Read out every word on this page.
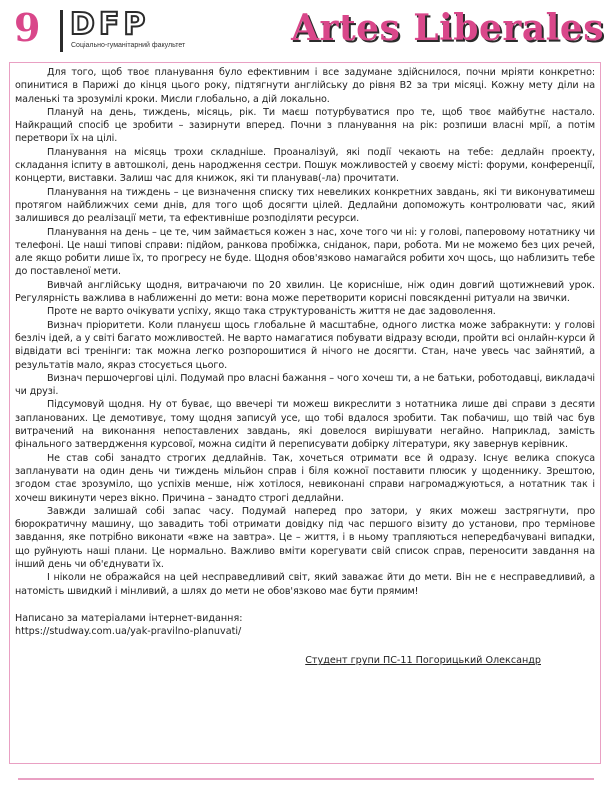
9 DFP
Соціально-гуманітарний факультет	Artes Liberales

Для того, щоб твоє планування було ефективним і все задумане здійснилося, почни мріяти конкретно: опинитися в Парижі до кінця цього року, підтягнути англійську до рівня В2 за три місяці. Кожну мету діли на маленькі та зрозумілі кроки. Мисли глобально, а дій локально.

Плануй на день, тиждень, місяць, рік. Ти маєш потурбуватися про те, щоб твоє майбутнє настало. Найкращий спосіб це зробити – зазирнути вперед. Почни з планування на рік: розпиши власні мрії, а потім перетвори їх на цілі.

Планування на місяць трохи складніше. Проаналізуй, які події чекають на тебе: дедлайн проекту, складання іспиту в автошколі, день народження сестри. Пошук можливостей у своєму місті: форуми, конференції, концерти, виставки. Залиш час для книжок, які ти планував(-ла) прочитати.

Планування на тиждень – це визначення списку тих невеликих конкретних завдань, які ти виконуватимеш протягом найближчих семи днів, для того щоб досягти цілей. Дедлайни допоможуть контролювати час, який залишився до реалізації мети, та ефективніше розподіляти ресурси.

Планування на день – це те, чим займається кожен з нас, хоче того чи ні: у голові, паперовому нотатнику чи телефоні. Це наші типові справи: підйом, ранкова пробіжка, сніданок, пари, робота. Ми не можемо без цих речей, але якщо робити лише їх, то прогресу не буде. Щодня обов'язково намагайся робити хоч щось, що наблизить тебе до поставленої мети.

Вивчай англійську щодня, витрачаючи по 20 хвилин. Це корисніше, ніж один довгий щотижневий урок. Регулярність важлива в наближенні до мети: вона може перетворити корисні повсякденні ритуали на звички.

Проте не варто очікувати успіху, якщо така структурованість життя не дає задоволення.

Визнач пріоритети. Коли плануєш щось глобальне й масштабне, одного листка може забракнути: у голові безліч ідей, а у світі багато можливостей. Не варто намагатися побувати відразу всюди, пройти всі онлайн-курси й відвідати всі тренінги: так можна легко розпорошитися й нічого не досягти. Стан, наче увесь час зайнятий, а результатів мало, якраз стосується цього.

Визнач першочергові цілі. Подумай про власні бажання – чого хочеш ти, а не батьки, роботодавці, викладачі чи друзі.

Підсумовуй щодня. Ну от буває, що ввечері ти можеш викреслити з нотатника лише дві справи з десяти запланованих. Це демотивує, тому щодня записуй усе, що тобі вдалося зробити. Так побачиш, що твій час був витрачений на виконання непоставлених завдань, які довелося вирішувати негайно. Наприклад, замість фінального затвердження курсової, можна сидіти й переписувати добірку літератури, яку завернув керівник.

Не став собі занадто строгих дедлайнів. Так, хочеться отримати все й одразу. Існує велика спокуса запланувати на один день чи тиждень мільйон справ і біля кожної поставити плюсик у щоденнику. Зрештою, згодом стає зрозуміло, що успіхів менше, ніж хотілося, невиконані справи нагромаджуються, а нотатник так і хочеш викинути через вікно. Причина – занадто строгі дедлайни.

Завжди залишай собі запас часу. Подумай наперед про затори, у яких можеш застрягнути, про бюрократичну машину, що завадить тобі отримати довідку під час першого візиту до установи, про термінове завдання, яке потрібно виконати «вже на завтра». Це – життя, і в ньому трапляються непередбачувані випадки, що руйнують наші плани. Це нормально. Важливо вміти корегувати свій список справ, переносити завдання на інший день чи об'єднувати їх.

І ніколи не ображайся на цей несправедливий світ, який заважає йти до мети. Він не є несправедливий, а натомість швидкий і мінливий, а шлях до мети не обов'язково має бути прямим!

Написано за матеріалами інтернет-видання:
https://studway.com.ua/yak-pravilno-planuvati/
Студент групи ПС-11 Погорицький Олександр
